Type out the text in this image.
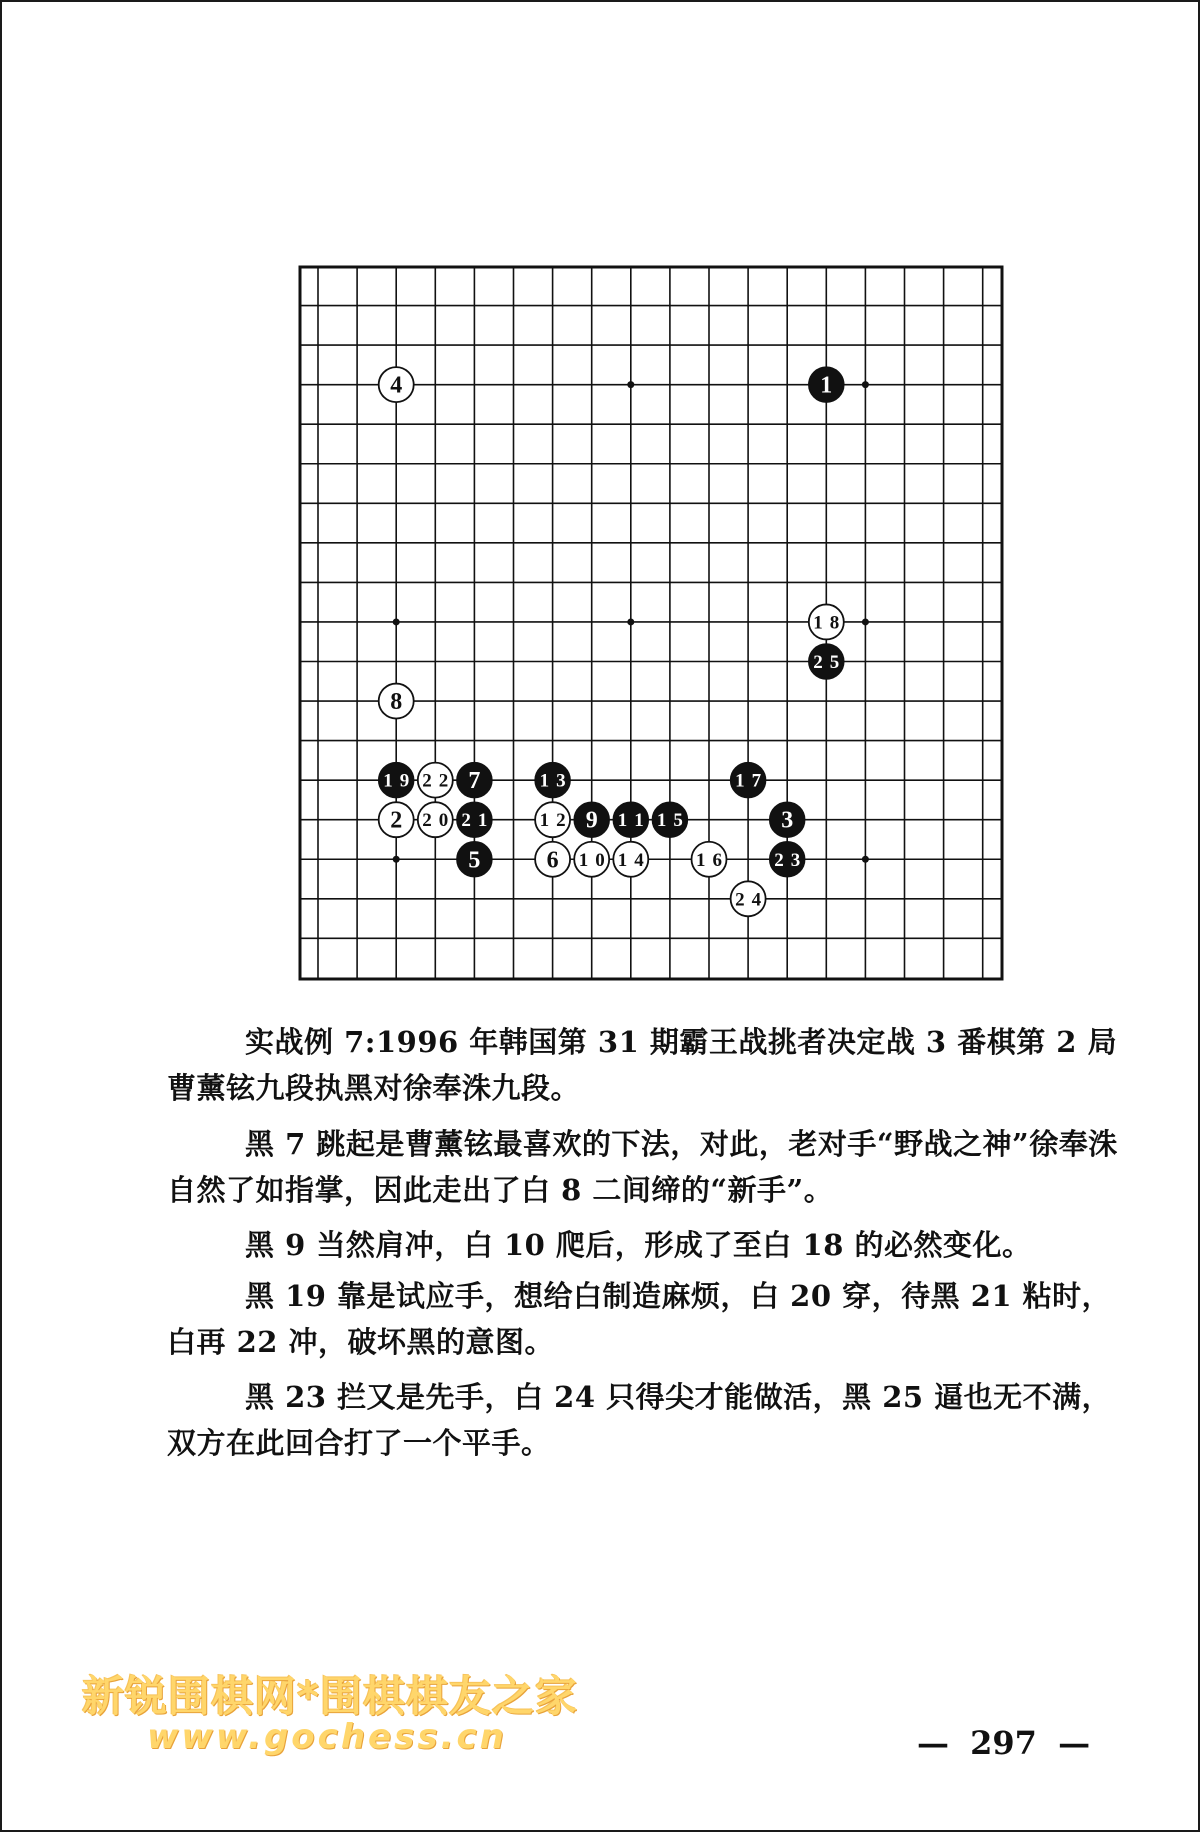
1
2	3
4
5	6
7
8
9
10
11
12
13
14
15
16
17
18
19
20 21
22
23
24
25

实战例 7:1996 年韩国第 31 期霸王战挑者决定战 3 番棋第 2 局曹薰铉九段执黑对徐奉洙九段。

黑 7 跳起是曹薰铉最喜欢的下法，对此，老对手“野战之神”徐奉洙自然了如指掌，因此走出了白 8 二间缔的“新手”。

黑 9 当然肩冲，白 10 爬后，形成了至白 18 的必然变化。

黑 19 靠是试应手，想给白制造麻烦，白 20 穿，待黑 21 粘时，白再 22 冲，破坏黑的意图。

黑 23 拦又是先手，白 24 只得尖才能做活，黑 25 逼也无不满，双方在此回合打了一个平手。

新锐围棋网*围棋棋友之家
www.gochess.cn	— 297 —
